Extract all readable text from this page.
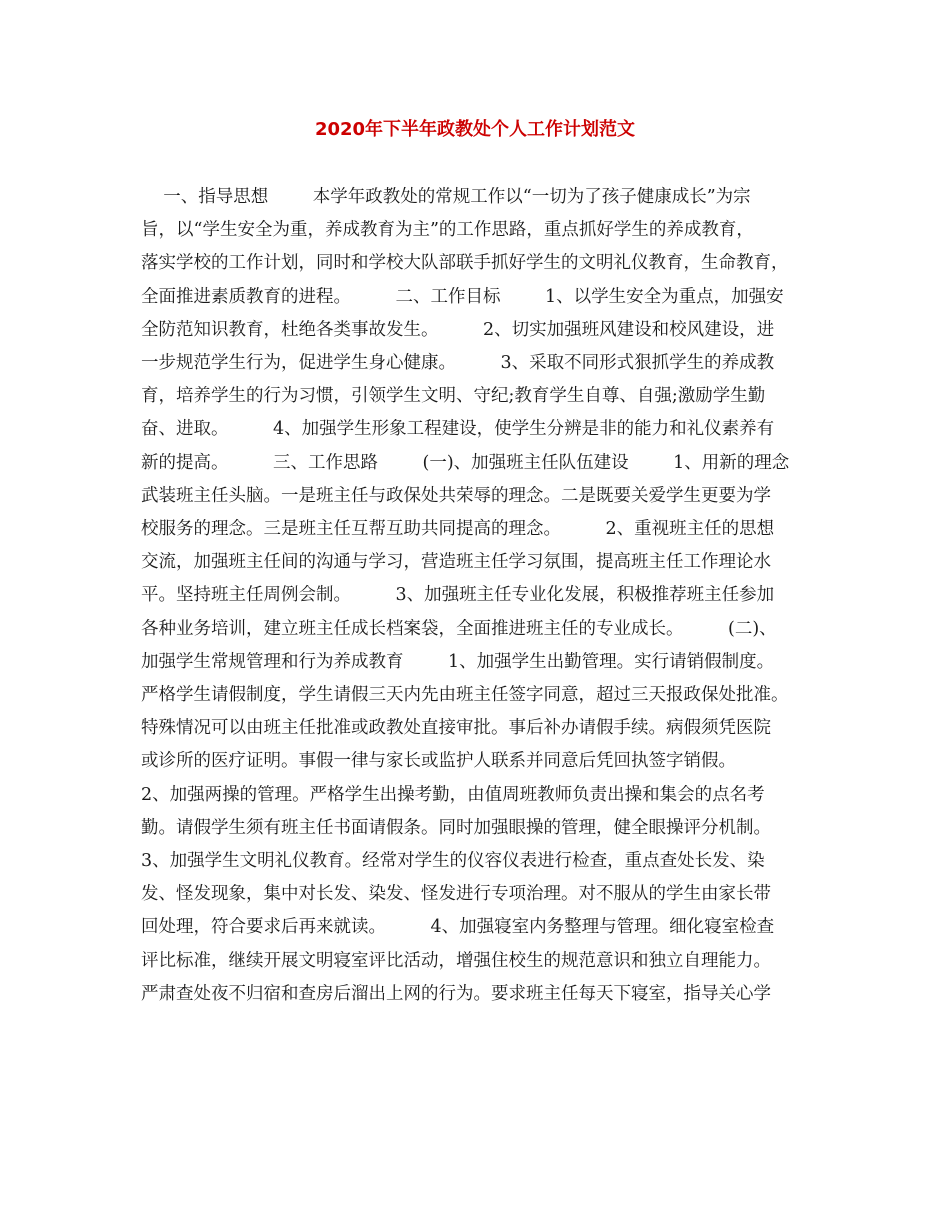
2020年下半年政教处个人工作计划范文
一、指导思想        本学年政教处的常规工作以“一切为了孩子健康成长”为宗
旨，以“学生安全为重，养成教育为主”的工作思路，重点抓好学生的养成教育，
落实学校的工作计划，同时和学校大队部联手抓好学生的文明礼仪教育，生命教育，
全面推进素质教育的进程。        二、工作目标        1、以学生安全为重点，加强安
全防范知识教育，杜绝各类事故发生。        2、切实加强班风建设和校风建设，进
一步规范学生行为，促进学生身心健康。        3、采取不同形式狠抓学生的养成教
育，培养学生的行为习惯，引领学生文明、守纪;教育学生自尊、自强;激励学生勤
奋、进取。        4、加强学生形象工程建设，使学生分辨是非的能力和礼仪素养有
新的提高。        三、工作思路        (一)、加强班主任队伍建设        1、用新的理念
武装班主任头脑。一是班主任与政保处共荣辱的理念。二是既要关爱学生更要为学
校服务的理念。三是班主任互帮互助共同提高的理念。        2、重视班主任的思想
交流，加强班主任间的沟通与学习，营造班主任学习氛围，提高班主任工作理论水
平。坚持班主任周例会制。        3、加强班主任专业化发展，积极推荐班主任参加
各种业务培训，建立班主任成长档案袋，全面推进班主任的专业成长。        (二)、
加强学生常规管理和行为养成教育        1、加强学生出勤管理。实行请销假制度。
严格学生请假制度，学生请假三天内先由班主任签字同意，超过三天报政保处批准。
特殊情况可以由班主任批准或政教处直接审批。事后补办请假手续。病假须凭医院
或诊所的医疗证明。事假一律与家长或监护人联系并同意后凭回执签字销假。
2、加强两操的管理。严格学生出操考勤，由值周班教师负责出操和集会的点名考
勤。请假学生须有班主任书面请假条。同时加强眼操的管理，健全眼操评分机制。
3、加强学生文明礼仪教育。经常对学生的仪容仪表进行检查，重点查处长发、染
发、怪发现象，集中对长发、染发、怪发进行专项治理。对不服从的学生由家长带
回处理，符合要求后再来就读。        4、加强寝室内务整理与管理。细化寝室检查
评比标准，继续开展文明寝室评比活动，增强住校生的规范意识和独立自理能力。
严肃查处夜不归宿和查房后溜出上网的行为。要求班主任每天下寝室，指导关心学
